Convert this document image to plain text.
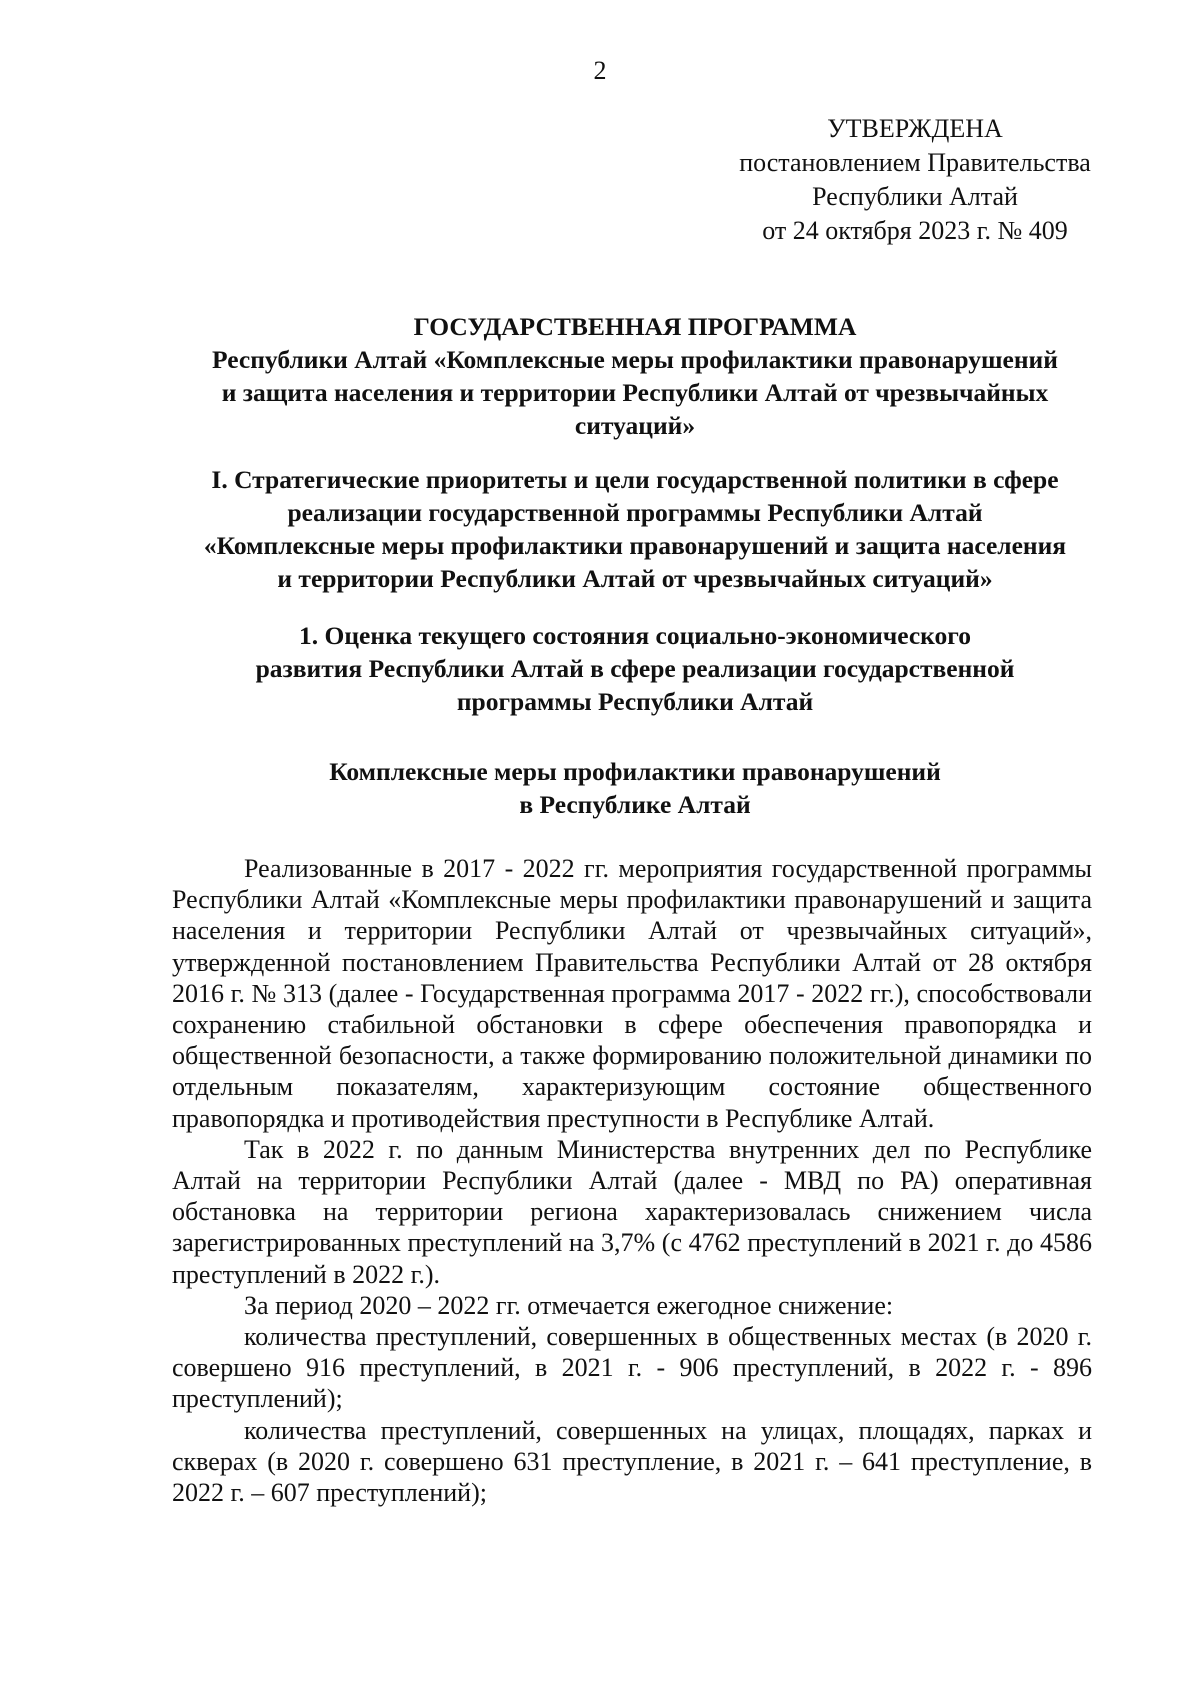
2
УТВЕРЖДЕНА
постановлением Правительства
Республики Алтай
от 24 октября 2023 г. № 409
ГОСУДАРСТВЕННАЯ ПРОГРАММА
Республики Алтай «Комплексные меры профилактики правонарушений
и защита населения и территории Республики Алтай от чрезвычайных
ситуаций»
I. Стратегические приоритеты и цели государственной политики в сфере
реализации государственной программы Республики Алтай
«Комплексные меры профилактики правонарушений и защита населения
и территории Республики Алтай от чрезвычайных ситуаций»
1. Оценка текущего состояния социально-экономического
развития Республики Алтай в сфере реализации государственной
программы Республики Алтай
Комплексные меры профилактики правонарушений
в Республике Алтай

Реализованные в 2017 - 2022 гг. мероприятия государственной программы Республики Алтай «Комплексные меры профилактики правонарушений и защита населения и территории Республики Алтай от чрезвычайных ситуаций», утвержденной постановлением Правительства Республики Алтай от 28 октября 2016 г. № 313 (далее - Государственная программа 2017 - 2022 гг.), способствовали сохранению стабильной обстановки в сфере обеспечения правопорядка и общественной безопасности, а также формированию положительной динамики по отдельным показателям, характеризующим состояние общественного правопорядка и противодействия преступности в Республике Алтай.

Так в 2022 г. по данным Министерства внутренних дел по Республике Алтай на территории Республики Алтай (далее - МВД по РА) оперативная обстановка на территории региона характеризовалась снижением числа зарегистрированных преступлений на 3,7% (с 4762 преступлений в 2021 г. до 4586 преступлений в 2022 г.).

За период 2020 – 2022 гг. отмечается ежегодное снижение:

количества преступлений, совершенных в общественных местах (в 2020 г. совершено 916 преступлений, в 2021 г. - 906 преступлений, в 2022 г. - 896 преступлений);

количества преступлений, совершенных на улицах, площадях, парках и скверах (в 2020 г. совершено 631 преступление, в 2021 г. – 641 преступление, в 2022 г. – 607 преступлений);
